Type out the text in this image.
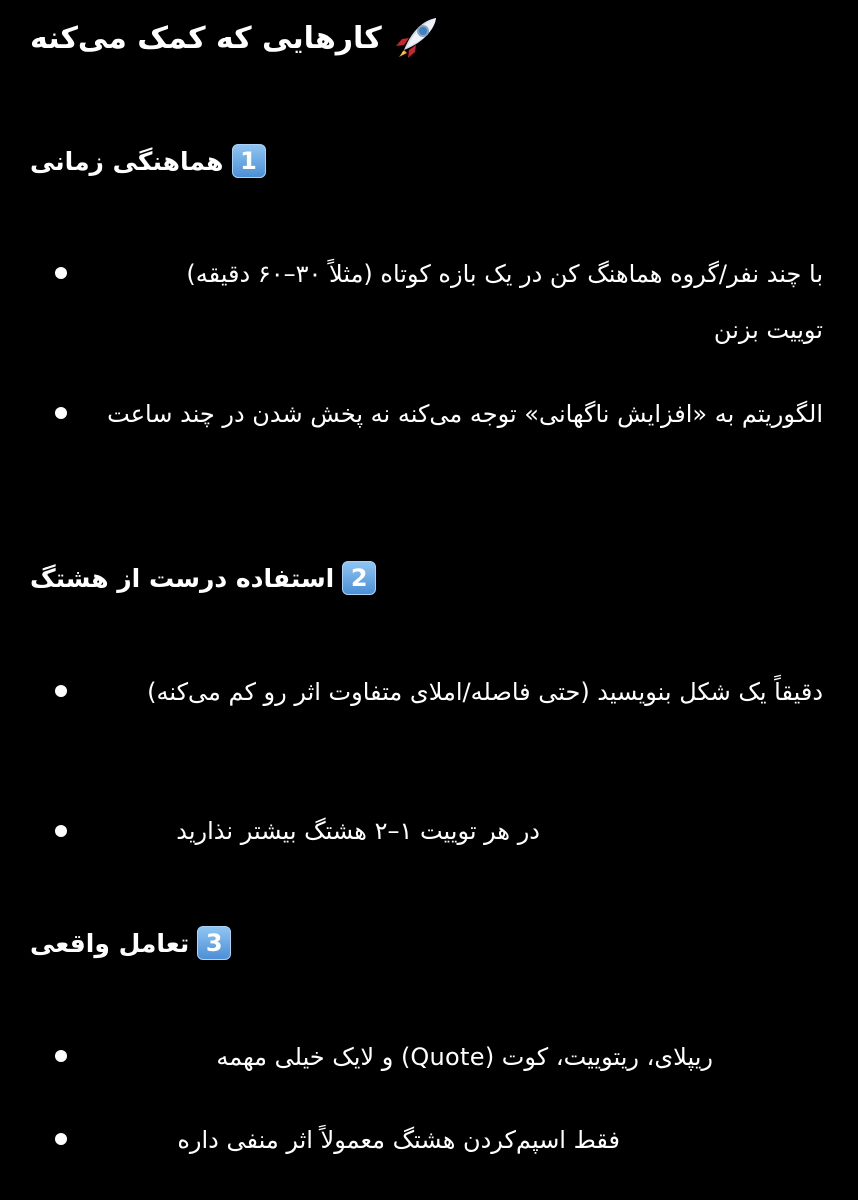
کارهایی که کمک می‌کنه
1
هماهنگی زمانی
با چند نفر/گروه هماهنگ کن در یک بازه کوتاه (مثلاً ۳۰–۶۰ دقیقه) توییت بزنن
الگوریتم به «افزایش ناگهانی» توجه می‌کنه نه پخش شدن در چند ساعت
2
استفاده درست از هشتگ
دقیقاً یک شکل بنویسید (حتی فاصله/املای متفاوت اثر رو کم می‌کنه)
در هر توییت ۱–۲ هشتگ بیشتر نذارید
3
تعامل واقعی
ریپلای، ریتوییت، کوت (Quote) و لایک خیلی مهمه
فقط اسپم‌کردن هشتگ معمولاً اثر منفی داره
